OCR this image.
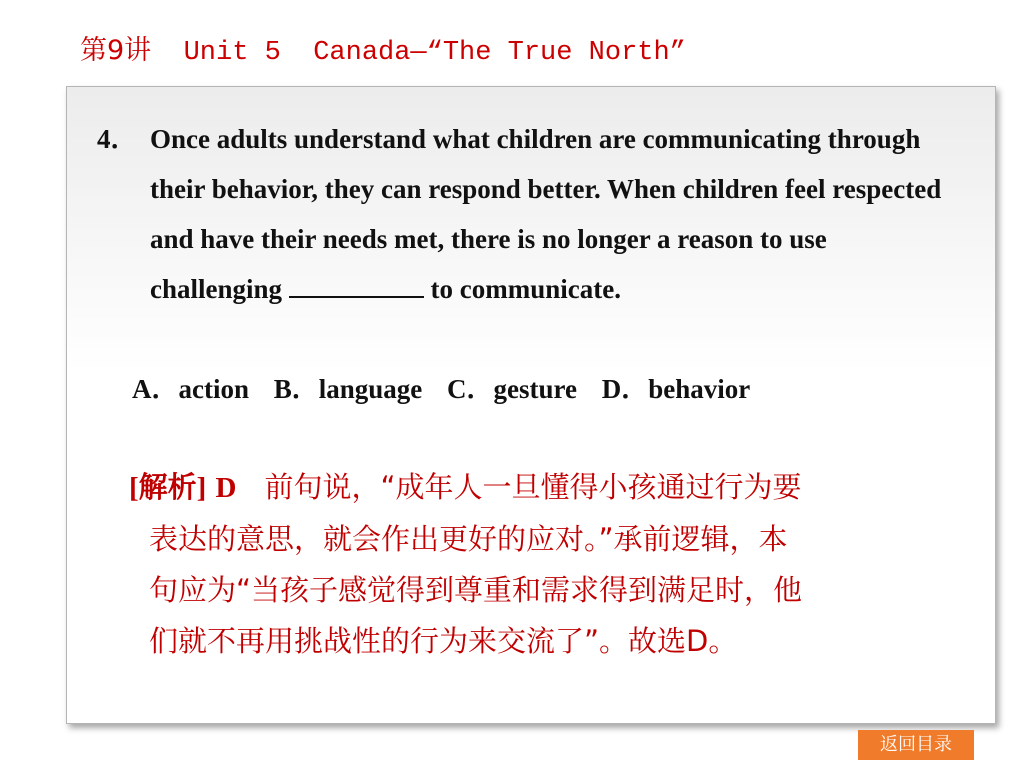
第9讲  Unit 5  Canada—“The True North”
4． Once adults understand what children are communicating through their behavior, they can respond better. When children feel respected and have their needs met, there is no longer a reason to use challenging	to communicate.
A．action B．language C．gesture D．behavior
[解析] D 前句说，“成年人一旦懂得小孩通过行为要
表达的意思，就会作出更好的应对。”承前逻辑，本
句应为“当孩子感觉得到尊重和需求得到满足时，他
们就不再用挑战性的行为来交流了”。故选D。
返回目录
